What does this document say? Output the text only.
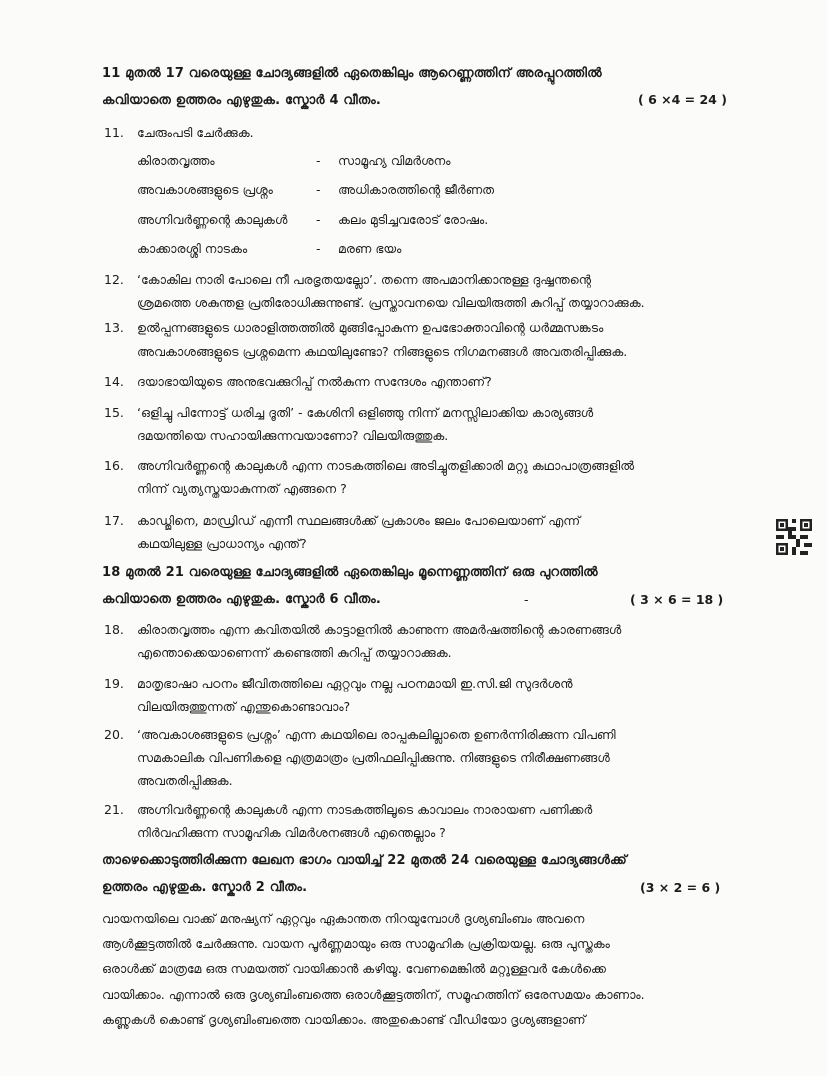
11 മുതൽ 17 വരെയുള്ള ചോദ്യങ്ങളിൽ ഏതെങ്കിലും ആറെണ്ണത്തിന് അരപ്പുറത്തിൽ
കവിയാതെ ഉത്തരം എഴുതുക. സ്കോർ 4 വീതം.	( 6 ×4 = 24 )
11. ചേരുംപടി ചേർക്കുക.
കിരാതവൃത്തം	- സാമൂഹ്യ വിമർശനം
അവകാശങ്ങളുടെ പ്രശ്നം	- അധികാരത്തിന്റെ ജീർണത
അഗ്നിവർണ്ണന്റെ കാലുകൾ - കലം മുടിച്ചവരോട് രോഷം.
കാക്കാരശ്ശി നാടകം	- മരണ ഭയം
12. ‘കോകില നാരി പോലെ നീ പരഭൃതയല്ലോ’. തന്നെ അപമാനിക്കാനുള്ള ദുഷ്ഷന്തന്റെ
ശ്രമത്തെ ശകുന്തള പ്രതിരോധിക്കുന്നുണ്ട്. പ്രസ്താവനയെ വിലയിരുത്തി കുറിപ്പ് തയ്യാറാക്കുക.
13. ഉൽപ്പന്നങ്ങളുടെ ധാരാളിത്തത്തിൽ മുങ്ങിപ്പോകുന്ന ഉപഭോക്താവിന്റെ ധർമ്മസങ്കടം
അവകാശങ്ങളുടെ പ്രശ്നമെന്ന കഥയിലുണ്ടോ? നിങ്ങളുടെ നിഗമനങ്ങൾ അവതരിപ്പിക്കുക.
14. ദയാഭായിയുടെ അനുഭവക്കുറിപ്പ് നൽകുന്ന സന്ദേശം എന്താണ്?
15. ‘ഒളിച്ചു പിന്നോട്ട് ധരിച്ച ദൂതി’ - കേശിനി ഒളിഞ്ഞു നിന്ന് മനസ്സിലാക്കിയ കാര്യങ്ങൾ
ദമയന്തിയെ സഹായിക്കുന്നവയാണോ? വിലയിരുത്തുക.
16. അഗ്നിവർണ്ണന്റെ കാലുകൾ എന്ന നാടകത്തിലെ അടിച്ചുതളിക്കാരി മറ്റു കഥാപാത്രങ്ങളിൽ
നിന്ന് വ്യത്യസ്തയാകുന്നത് എങ്ങനെ ?
17. കാഡ്ജിനെ, മാഡ്രിഡ് എന്നീ സ്ഥലങ്ങൾക്ക് പ്രകാശം ജലം പോലെയാണ് എന്ന്
കഥയിലുള്ള പ്രാധാന്യം എന്ത്?
18 മുതൽ 21 വരെയുള്ള ചോദ്യങ്ങളിൽ ഏതെങ്കിലും മൂന്നെണ്ണത്തിന് ഒരു പുറത്തിൽ
കവിയാതെ ഉത്തരം എഴുതുക. സ്കോർ 6 വീതം.	-	( 3 × 6 = 18 )
18. കിരാതവൃത്തം എന്ന കവിതയിൽ കാട്ടാളനിൽ കാണുന്ന അമർഷത്തിന്റെ കാരണങ്ങൾ
എന്തൊക്കെയാണെന്ന് കണ്ടെത്തി കുറിപ്പ് തയ്യാറാക്കുക.
19. മാതൃഭാഷാ പഠനം ജീവിതത്തിലെ ഏറ്റവും നല്ല പഠനമായി ഇ.സി.ജി സുദർശൻ
വിലയിരുത്തുന്നത് എന്തുകൊണ്ടാവാം?
20. ‘അവകാശങ്ങളുടെ പ്രശ്നം’ എന്ന കഥയിലെ രാപ്പകലില്ലാതെ ഉണർന്നിരിക്കുന്ന വിപണി
സമകാലിക വിപണികളെ എത്രമാത്രം പ്രതിഫലിപ്പിക്കുന്നു. നിങ്ങളുടെ നിരീക്ഷണങ്ങൾ
അവതരിപ്പിക്കുക.
21. അഗ്നിവർണ്ണന്റെ കാലുകൾ എന്ന നാടകത്തിലൂടെ കാവാലം നാരായണ പണിക്കർ
നിർവഹിക്കുന്ന സാമൂഹിക വിമർശനങ്ങൾ എന്തെല്ലാം ?
താഴെക്കൊടുത്തിരിക്കുന്ന ലേഖന ഭാഗം വായിച്ച് 22 മുതൽ 24 വരെയുള്ള ചോദ്യങ്ങൾക്ക്
ഉത്തരം എഴുതുക. സ്കോർ 2 വീതം.	(3 × 2 = 6 )
വായനയിലെ വാക്ക് മനുഷ്യന് ഏറ്റവും ഏകാന്തത നിറയുമ്പോൾ ദൃശ്യബിംബം അവനെ
ആൾക്കൂട്ടത്തിൽ ചേർക്കുന്നു. വായന പൂർണ്ണമായും ഒരു സാമൂഹിക പ്രക്രിയയല്ല. ഒരു പുസ്തകം
ഒരാൾക്ക് മാത്രമേ ഒരു സമയത്ത് വായിക്കാൻ കഴിയൂ. വേണമെങ്കിൽ മറ്റുള്ളവർ കേൾക്കെ
വായിക്കാം. എന്നാൽ ഒരു ദൃശ്യബിംബത്തെ ഒരാൾക്കൂട്ടത്തിന്, സമൂഹത്തിന് ഒരേസമയം കാണാം.
കണ്ണുകൾ കൊണ്ട് ദൃശ്യബിംബത്തെ വായിക്കാം. അതുകൊണ്ട് വീഡിയോ ദൃശ്യങ്ങളാണ്
